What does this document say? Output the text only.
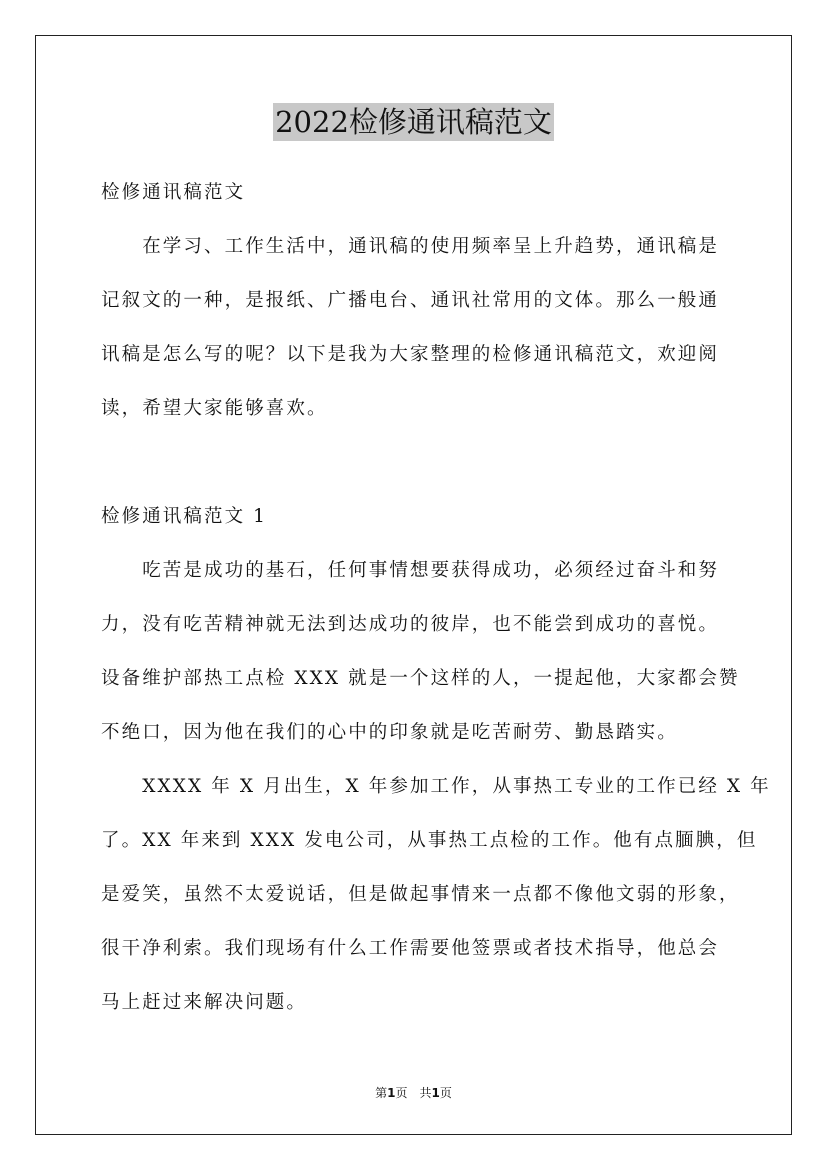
2022检修通讯稿范文
检修通讯稿范文
　　在学习、工作生活中，通讯稿的使用频率呈上升趋势，通讯稿是
记叙文的一种，是报纸、广播电台、通讯社常用的文体。那么一般通
讯稿是怎么写的呢？以下是我为大家整理的检修通讯稿范文，欢迎阅
读，希望大家能够喜欢。
检修通讯稿范文 1
　　吃苦是成功的基石，任何事情想要获得成功，必须经过奋斗和努
力，没有吃苦精神就无法到达成功的彼岸，也不能尝到成功的喜悦。
设备维护部热工点检 XXX 就是一个这样的人，一提起他，大家都会赞
不绝口，因为他在我们的心中的印象就是吃苦耐劳、勤恳踏实。
　　XXXX 年 X 月出生，X 年参加工作，从事热工专业的工作已经 X 年
了。XX 年来到 XXX 发电公司，从事热工点检的工作。他有点腼腆，但
是爱笑，虽然不太爱说话，但是做起事情来一点都不像他文弱的形象，
很干净利索。我们现场有什么工作需要他签票或者技术指导，他总会
马上赶过来解决问题。
第1页　共1页
